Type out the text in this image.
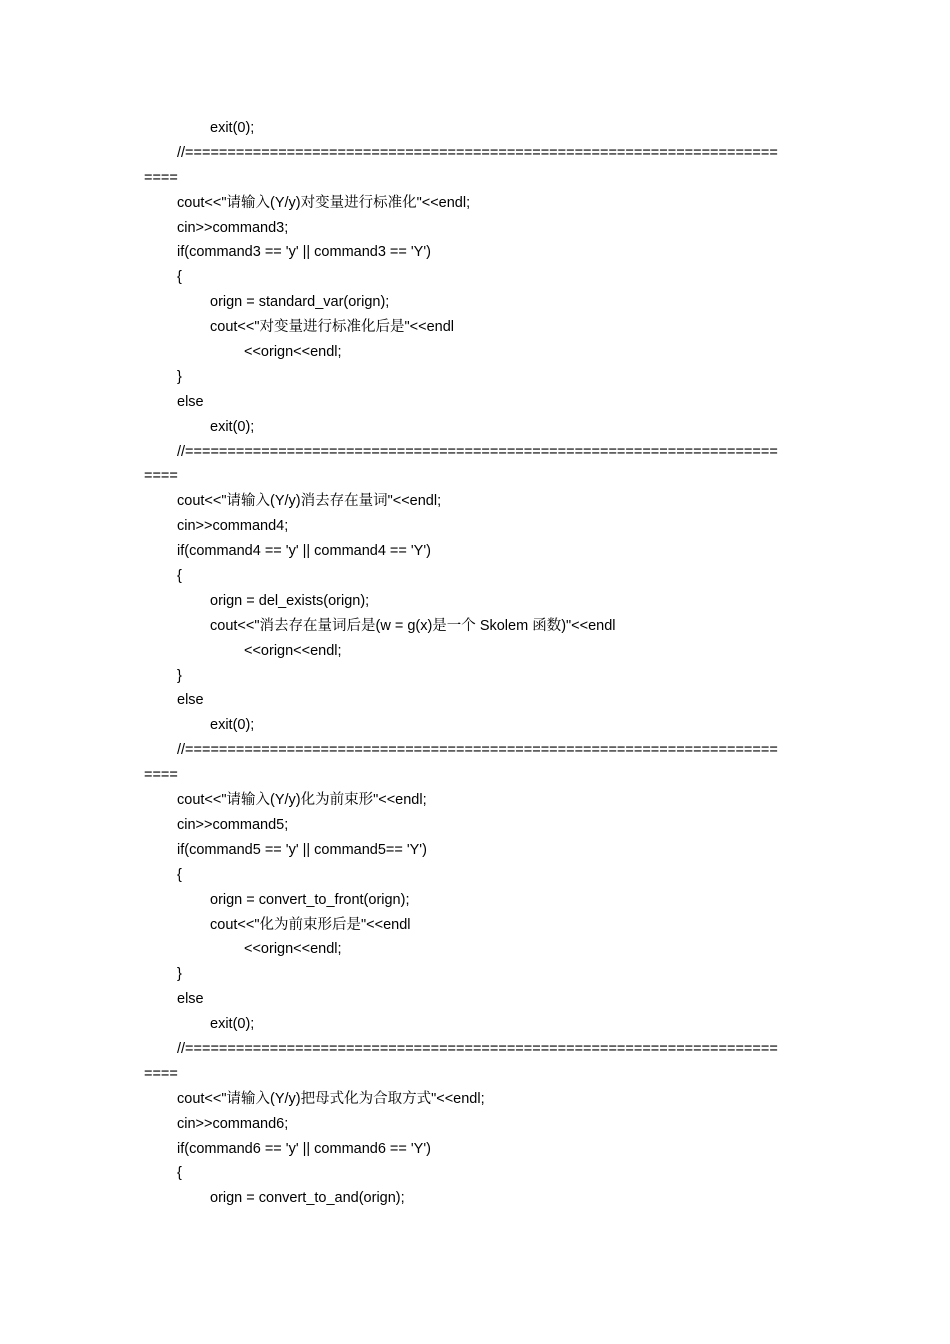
exit(0);
//======================================================================
====
cout<<"请输入(Y/y)对变量进行标准化"<<endl;
cin>>command3;
if(command3 == 'y' || command3 == 'Y')
{
orign = standard_var(orign);
cout<<"对变量进行标准化后是"<<endl
<<orign<<endl;
}
else
exit(0);
//======================================================================
====
cout<<"请输入(Y/y)消去存在量词"<<endl;
cin>>command4;
if(command4 == 'y' || command4 == 'Y')
{
orign = del_exists(orign);
cout<<"消去存在量词后是(w = g(x)是一个 Skolem 函数)"<<endl
<<orign<<endl;
}
else
exit(0);
//======================================================================
====
cout<<"请输入(Y/y)化为前束形"<<endl;
cin>>command5;
if(command5 == 'y' || command5== 'Y')
{
orign = convert_to_front(orign);
cout<<"化为前束形后是"<<endl
<<orign<<endl;
}
else
exit(0);
//======================================================================
====
cout<<"请输入(Y/y)把母式化为合取方式"<<endl;
cin>>command6;
if(command6 == 'y' || command6 == 'Y')
{
orign = convert_to_and(orign);
